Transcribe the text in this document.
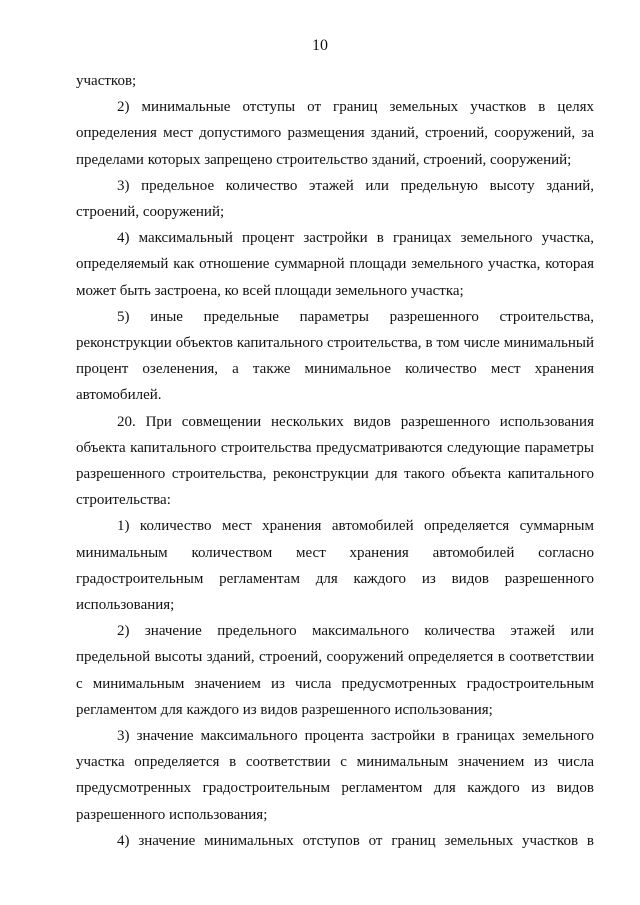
10

участков;

2) минимальные отступы от границ земельных участков в целях определения мест допустимого размещения зданий, строений, сооружений, за пределами которых запрещено строительство зданий, строений, сооружений;

3) предельное количество этажей или предельную высоту зданий, строений, сооружений;

4) максимальный процент застройки в границах земельного участка, определяемый как отношение суммарной площади земельного участка, которая может быть застроена, ко всей площади земельного участка;

5) иные предельные параметры разрешенного строительства, реконструкции объектов капитального строительства, в том числе минимальный процент озеленения, а также минимальное количество мест хранения автомобилей.

20. При совмещении нескольких видов разрешенного использования объекта капитального строительства предусматриваются следующие параметры разрешенного строительства, реконструкции для такого объекта капитального строительства:

1) количество мест хранения автомобилей определяется суммарным минимальным количеством мест хранения автомобилей согласно градостроительным регламентам для каждого из видов разрешенного использования;

2) значение предельного максимального количества этажей или предельной высоты зданий, строений, сооружений определяется в соответствии с минимальным значением из числа предусмотренных градостроительным регламентом для каждого из видов разрешенного использования;

3) значение максимального процента застройки в границах земельного участка определяется в соответствии с минимальным значением из числа предусмотренных градостроительным регламентом для каждого из видов разрешенного использования;

4) значение минимальных отступов от границ земельных участков в
